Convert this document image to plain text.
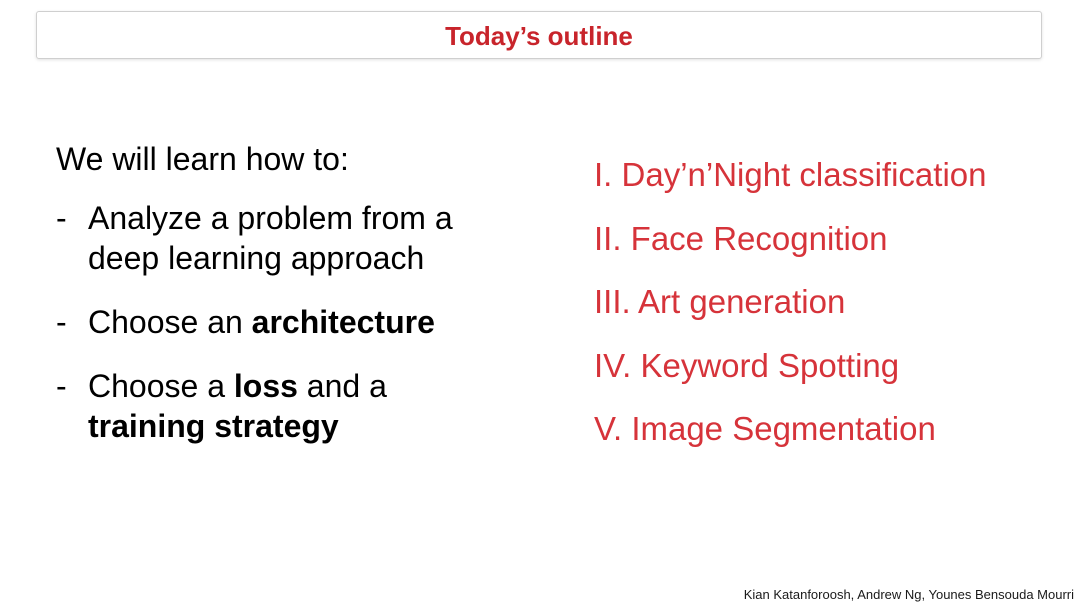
Today’s outline
We will learn how to:
- Analyze a problem from a
deep learning approach
- Choose an architecture
- Choose a loss and a
training strategy
I. Day’n’Night classification
II. Face Recognition
III. Art generation
IV. Keyword Spotting
V. Image Segmentation
Kian Katanforoosh, Andrew Ng, Younes Bensouda Mourri
